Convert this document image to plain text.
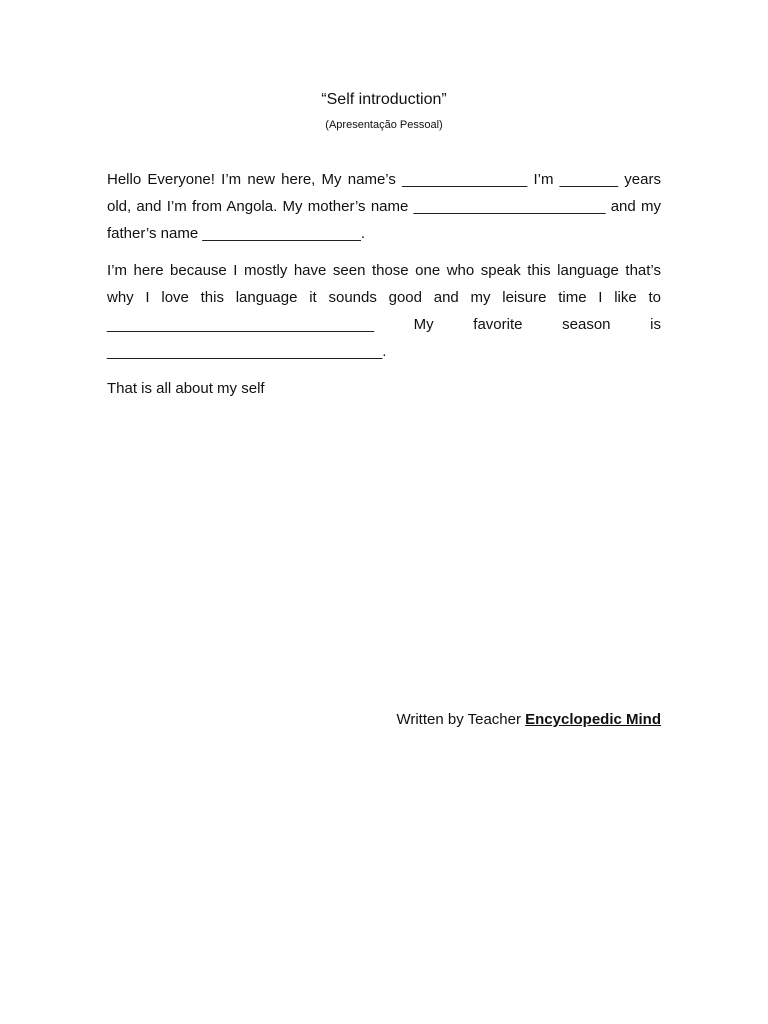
“Self introduction”

(Apresentação Pessoal)

Hello Everyone! I’m new here, My name’s _______________ I’m _______ years old, and I’m from Angola. My mother’s name _______________________ and my father’s name ___________________.

I’m here because I mostly have seen those one who speak this language that’s why I love this language it sounds good and my leisure time I like to ________________________________ My favorite season is _________________________________.

That is all about my self

Written by Teacher Encyclopedic Mind
